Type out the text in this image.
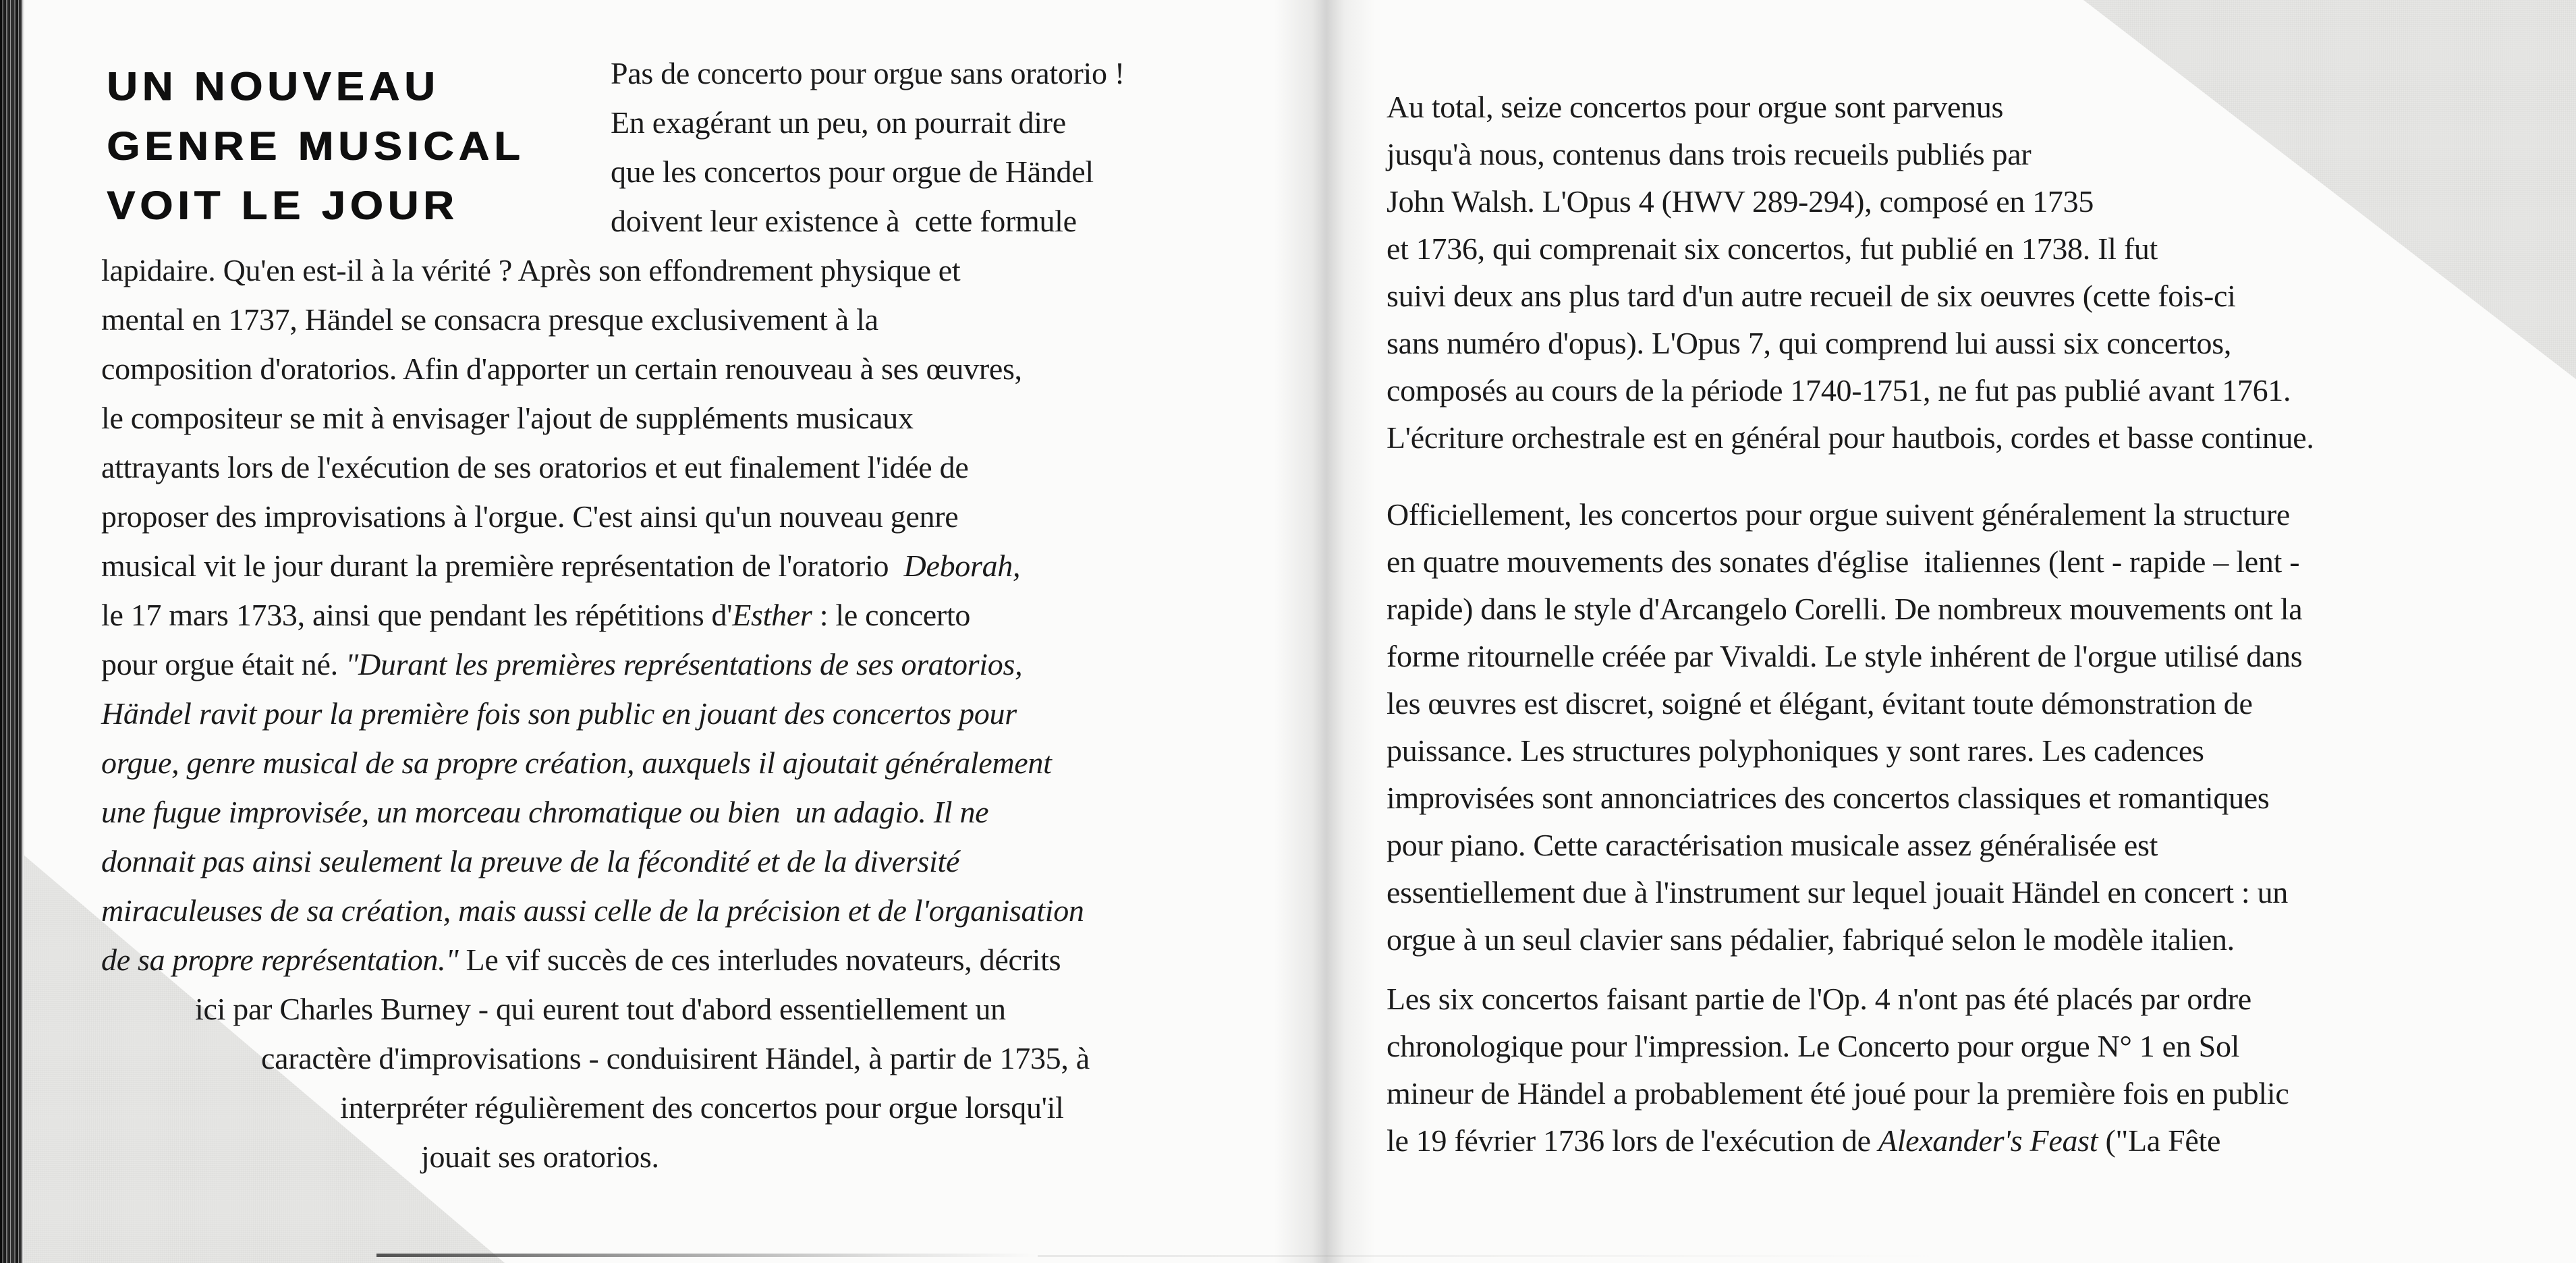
UN NOUVEAU
GENRE MUSICAL
VOIT LE JOUR
Pas de concerto pour orgue sans oratorio !
En exagérant un peu, on pourrait dire
que les concertos pour orgue de Händel
doivent leur existence à  cette formule
lapidaire. Qu'en est-il à la vérité ? Après son effondrement physique et
mental en 1737, Händel se consacra presque exclusivement à la
composition d'oratorios. Afin d'apporter un certain renouveau à ses œuvres,
le compositeur se mit à envisager l'ajout de suppléments musicaux
attrayants lors de l'exécution de ses oratorios et eut finalement l'idée de
proposer des improvisations à l'orgue. C'est ainsi qu'un nouveau genre
musical vit le jour durant la première représentation de l'oratorio  Deborah,
le 17 mars 1733, ainsi que pendant les répétitions d'Esther : le concerto
pour orgue était né. "Durant les premières représentations de ses oratorios,
Händel ravit pour la première fois son public en jouant des concertos pour
orgue, genre musical de sa propre création, auxquels il ajoutait généralement
une fugue improvisée, un morceau chromatique ou bien  un adagio. Il ne
donnait pas ainsi seulement la preuve de la fécondité et de la diversité
miraculeuses de sa création, mais aussi celle de la précision et de l'organisation
de sa propre représentation." Le vif succès de ces interludes novateurs, décrits
ici par Charles Burney - qui eurent tout d'abord essentiellement un
caractère d'improvisations - conduisirent Händel, à partir de 1735, à
interpréter régulièrement des concertos pour orgue lorsqu'il
jouait ses oratorios.
Au total, seize concertos pour orgue sont parvenus
jusqu'à nous, contenus dans trois recueils publiés par
John Walsh. L'Opus 4 (HWV 289-294), composé en 1735
et 1736, qui comprenait six concertos, fut publié en 1738. Il fut
suivi deux ans plus tard d'un autre recueil de six oeuvres (cette fois-ci
sans numéro d'opus). L'Opus 7, qui comprend lui aussi six concertos,
composés au cours de la période 1740-1751, ne fut pas publié avant 1761.
L'écriture orchestrale est en général pour hautbois, cordes et basse continue.
Officiellement, les concertos pour orgue suivent généralement la structure
en quatre mouvements des sonates d'église  italiennes (lent - rapide – lent -
rapide) dans le style d'Arcangelo Corelli. De nombreux mouvements ont la
forme ritournelle créée par Vivaldi. Le style inhérent de l'orgue utilisé dans
les œuvres est discret, soigné et élégant, évitant toute démonstration de
puissance. Les structures polyphoniques y sont rares. Les cadences
improvisées sont annonciatrices des concertos classiques et romantiques
pour piano. Cette caractérisation musicale assez généralisée est
essentiellement due à l'instrument sur lequel jouait Händel en concert : un
orgue à un seul clavier sans pédalier, fabriqué selon le modèle italien.
Les six concertos faisant partie de l'Op. 4 n'ont pas été placés par ordre
chronologique pour l'impression. Le Concerto pour orgue N° 1 en Sol
mineur de Händel a probablement été joué pour la première fois en public
le 19 février 1736 lors de l'exécution de Alexander's Feast ("La Fête
